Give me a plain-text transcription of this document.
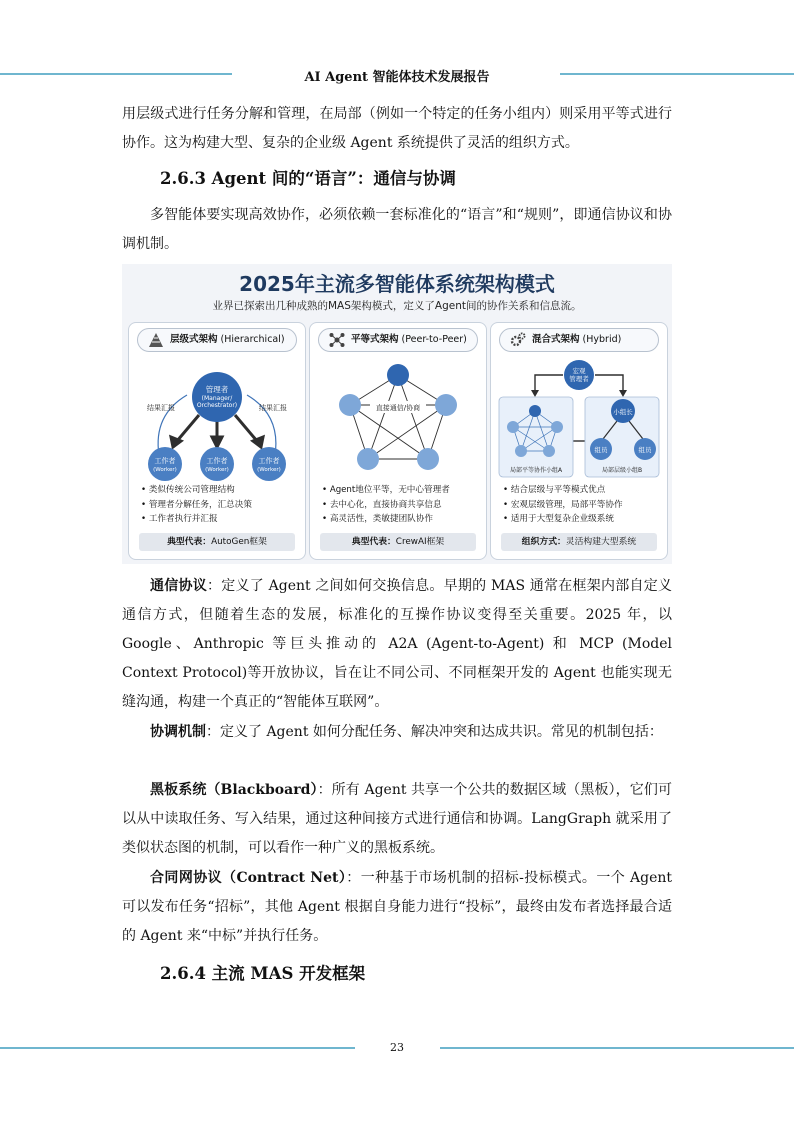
AI Agent 智能体技术发展报告
用层级式进行任务分解和管理，在局部（例如一个特定的任务小组内）则采用平等式进行协作。这为构建大型、复杂的企业级 Agent 系统提供了灵活的组织方式。
2.6.3 Agent 间的“语言”：通信与协调
多智能体要实现高效协作，必须依赖一套标准化的“语言”和“规则”，即通信协议和协调机制。
2025年主流多智能体系统架构模式
业界已探索出几种成熟的MAS架构模式，定义了Agent间的协作关系和信息流。
层级式架构 (Hierarchical)
管理者
(Manager/
Orchestrator)
结果汇报	结果汇报
工作者
(Worker)
工作者
(Worker)
工作者
(Worker)
• 类似传统公司管理结构
• 管理者分解任务，汇总决策
• 工作者执行并汇报
典型代表：AutoGen框架
平等式架构 (Peer-to-Peer)
直接通信/协商
• Agent地位平等，无中心管理者
• 去中心化，直接协商共享信息
• 高灵活性，类敏捷团队协作
典型代表：CrewAI框架
混合式架构 (Hybrid)
宏观
管理者
局部平等协作小组A
小组长
组员	组员
局部层级小组B
• 结合层级与平等模式优点
• 宏观层级管理，局部平等协作
• 适用于大型复杂企业级系统
组织方式：灵活构建大型系统
通信协议：定义了 Agent 之间如何交换信息。早期的 MAS 通常在框架内部自定义通信方式，但随着生态的发展，标准化的互操作协议变得至关重要。2025 年，以 Google、Anthropic 等巨头推动的 A2A (Agent-to-Agent) 和 MCP (Model Context Protocol)等开放协议，旨在让不同公司、不同框架开发的 Agent 也能实现无缝沟通，构建一个真正的“智能体互联网”。
协调机制：定义了 Agent 如何分配任务、解决冲突和达成共识。常见的机制包括：
黑板系统（Blackboard）：所有 Agent 共享一个公共的数据区域（黑板），它们可以从中读取任务、写入结果，通过这种间接方式进行通信和协调。LangGraph 就采用了类似状态图的机制，可以看作一种广义的黑板系统。
合同网协议（Contract Net）：一种基于市场机制的招标-投标模式。一个 Agent 可以发布任务“招标”，其他 Agent 根据自身能力进行“投标”，最终由发布者选择最合适的 Agent 来“中标”并执行任务。
2.6.4 主流 MAS 开发框架
23
